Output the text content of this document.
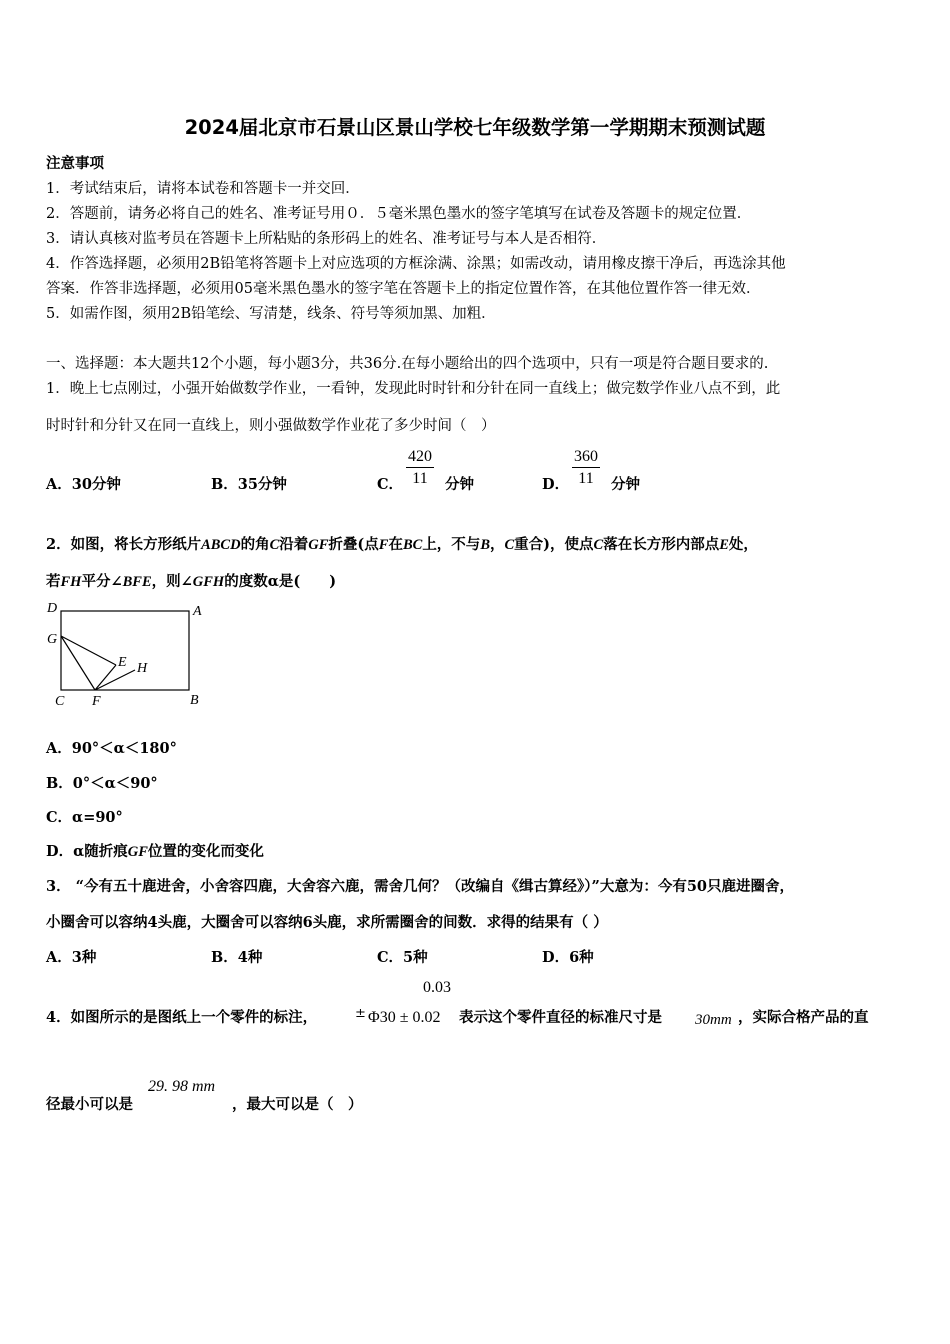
2024届北京市石景山区景山学校七年级数学第一学期期末预测试题
注意事项
1．考试结束后，请将本试卷和答题卡一并交回．
2．答题前，请务必将自己的姓名、准考证号用０．５毫米黑色墨水的签字笔填写在试卷及答题卡的规定位置．
3．请认真核对监考员在答题卡上所粘贴的条形码上的姓名、准考证号与本人是否相符．
4．作答选择题，必须用2B铅笔将答题卡上对应选项的方框涂满、涂黑；如需改动，请用橡皮擦干净后，再选涂其他
答案．作答非选择题，必须用05毫米黑色墨水的签字笔在答题卡上的指定位置作答，在其他位置作答一律无效．
5．如需作图，须用2B铅笔绘、写清楚，线条、符号等须加黑、加粗．
一、选择题：本大题共12个小题，每小题3分，共36分.在每小题给出的四个选项中，只有一项是符合题目要求的.
1．晚上七点刚过，小强开始做数学作业，一看钟，发现此时时针和分针在同一直线上；做完数学作业八点不到，此
时时针和分针又在同一直线上，则小强做数学作业花了多少时间（　）
A．30分钟	B．35分钟	C． $\frac{420}{11}$ 分钟	D． $\frac{360}{11}$ 分钟
2．如图，将长方形纸片ABCD的角C沿着GF折叠(点F在BC上，不与B，C重合)，使点C落在长方形内部点E处，
若FH平分∠BFE，则∠GFH的度数α是(　　)
D	A
G
E H
C F	B
A．90°＜α＜180°
B．0°＜α＜90°
C．α=90°
D．α随折痕GF位置的变化而变化
3． “今有五十鹿进舍，小舍容四鹿，大舍容六鹿，需舍几何？（改编自《缉古算经》）”大意为：今有50只鹿进圈舍，
小圈舍可以容纳4头鹿，大圈舍可以容纳6头鹿，求所需圈舍的间数．求得的结果有（ ）
A．3种	B．4种	C．5种	D．6种
0.03
4．如图所示的是图纸上一个零件的标注，	± Φ30 ± 0.02 表示这个零件直径的标准尺寸是 30mm ，实际合格产品的直
径最小可以是
29. 98 mm
，最大可以是（　）
